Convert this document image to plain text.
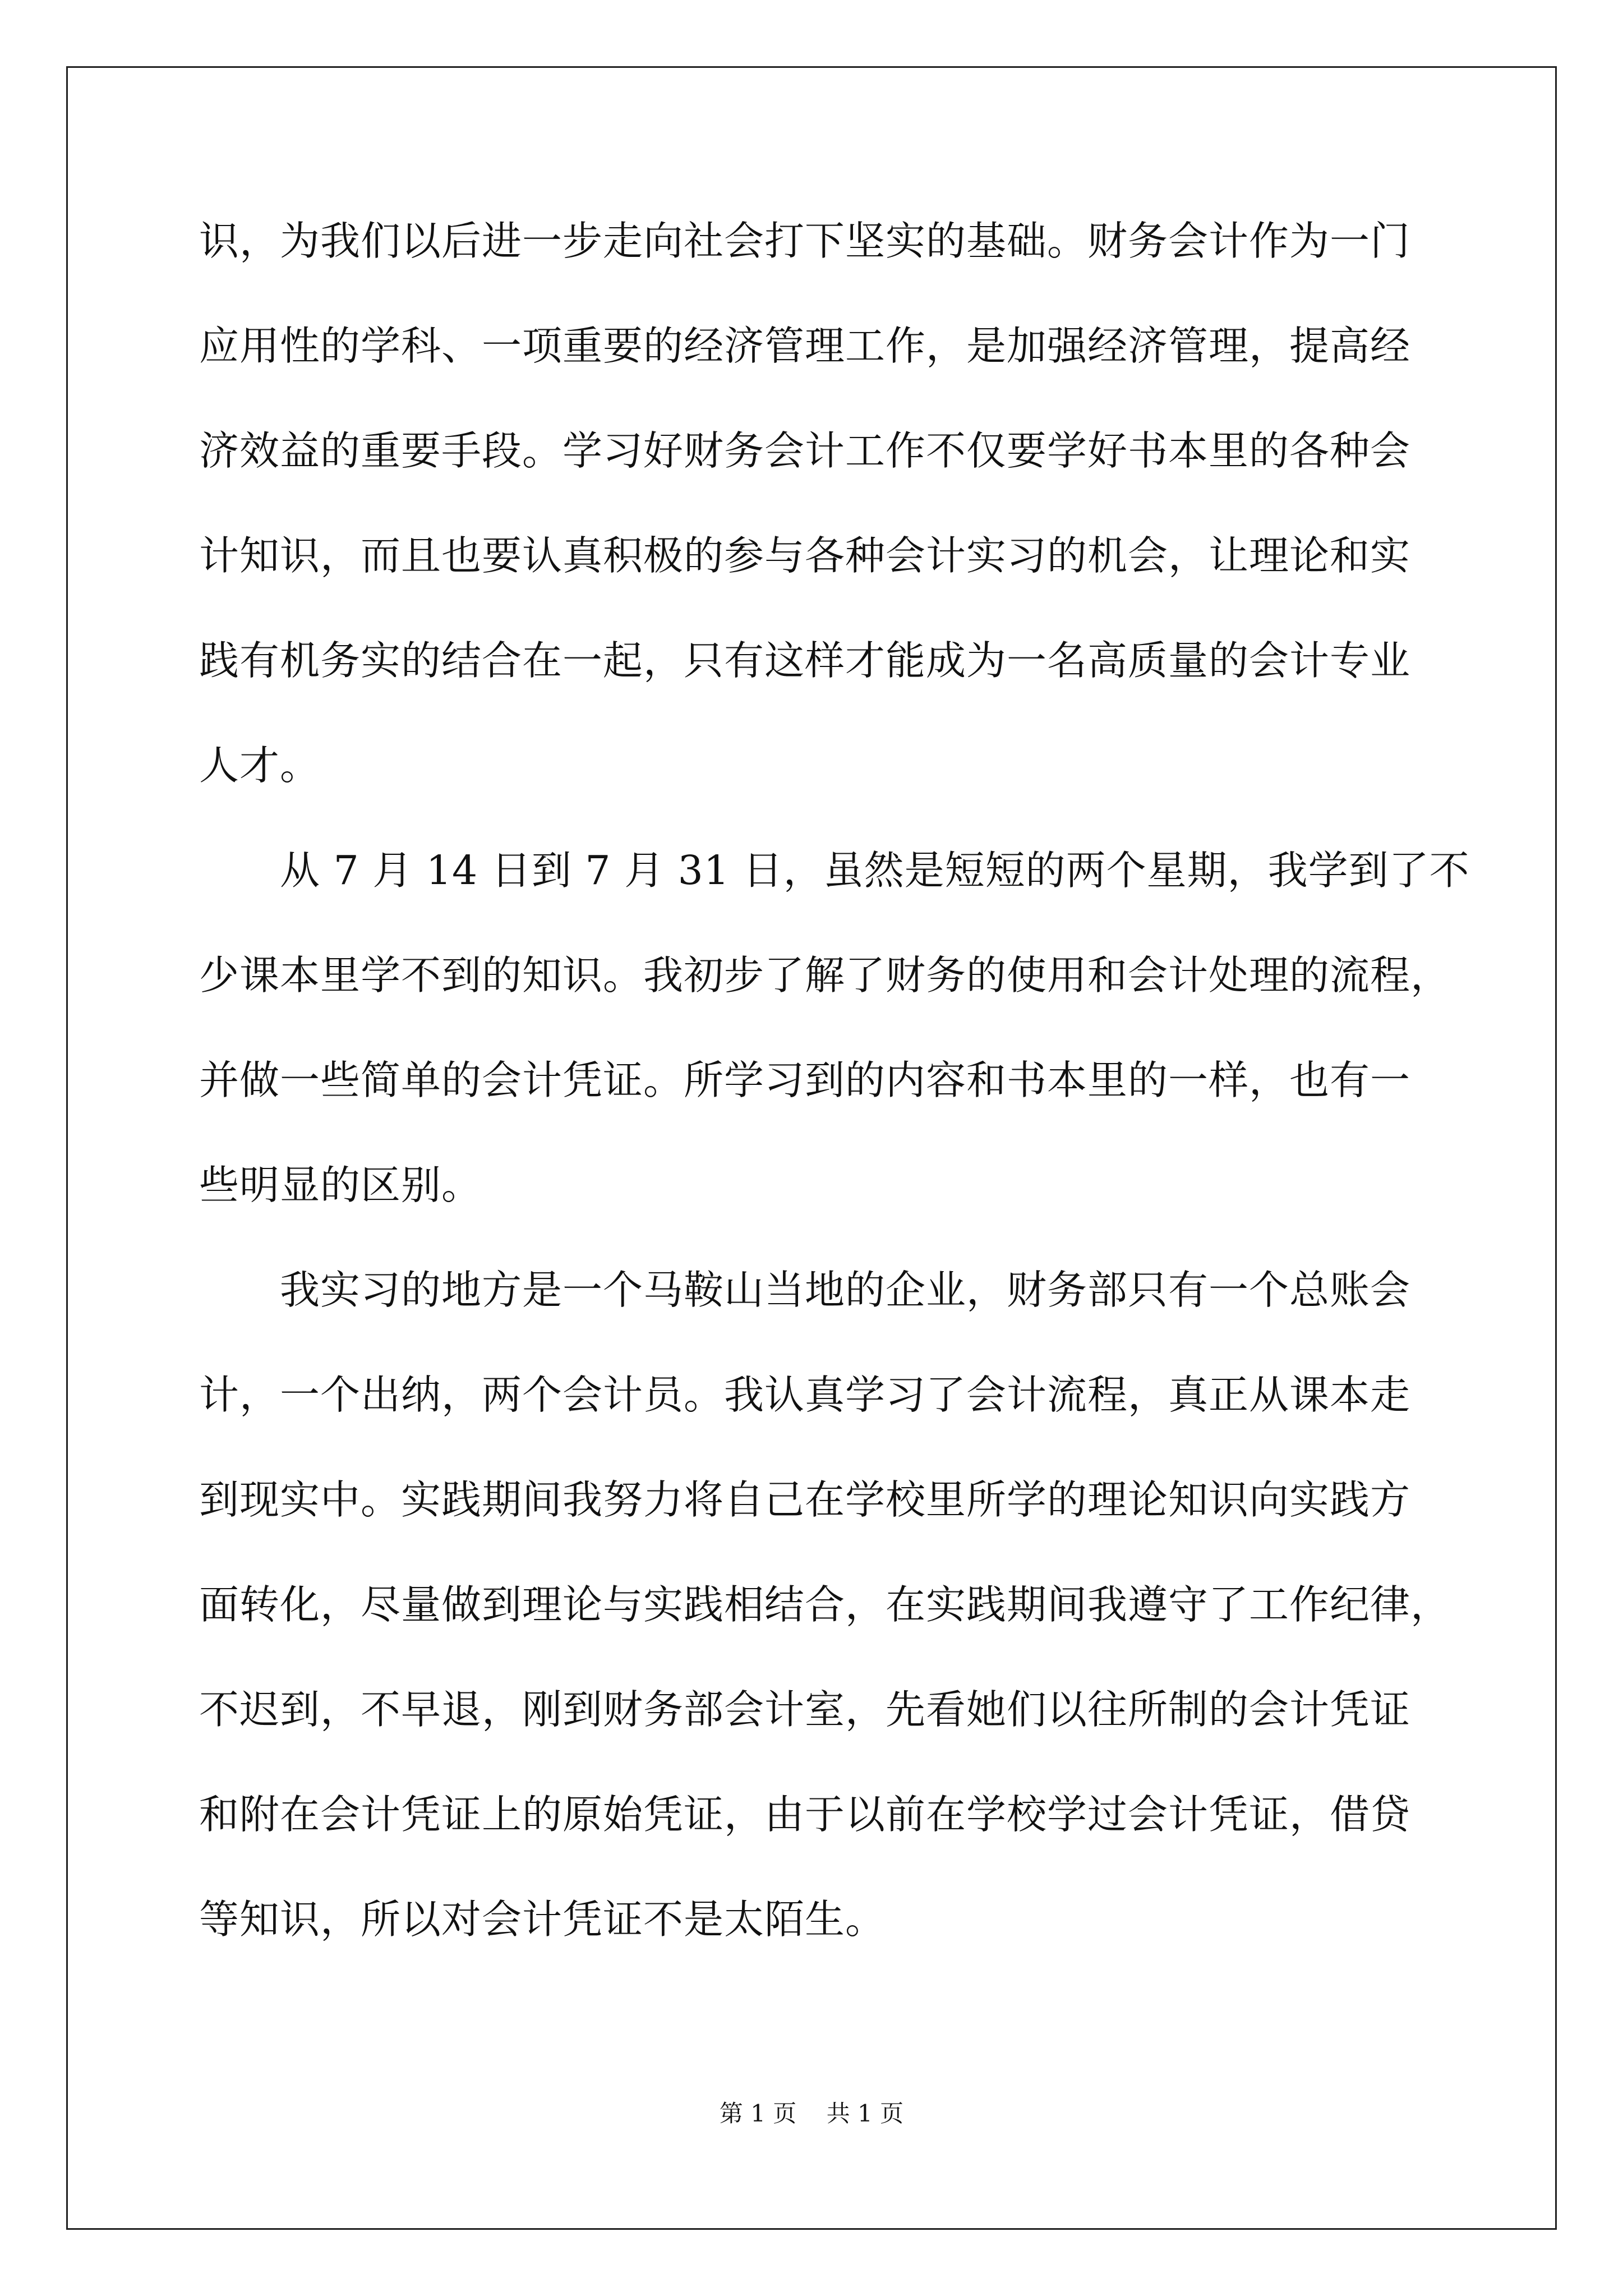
识，为我们以后进一步走向社会打下坚实的基础。财务会计作为一门
应用性的学科、一项重要的经济管理工作，是加强经济管理，提高经
济效益的重要手段。学习好财务会计工作不仅要学好书本里的各种会
计知识，而且也要认真积极的参与各种会计实习的机会，让理论和实
践有机务实的结合在一起，只有这样才能成为一名高质量的会计专业
人才。
　　从 7 月 14 日到 7 月 31 日，虽然是短短的两个星期，我学到了不
少课本里学不到的知识。我初步了解了财务的使用和会计处理的流程，
并做一些简单的会计凭证。所学习到的内容和书本里的一样，也有一
些明显的区别。
　　我实习的地方是一个马鞍山当地的企业，财务部只有一个总账会
计，一个出纳，两个会计员。我认真学习了会计流程，真正从课本走
到现实中。实践期间我努力将自己在学校里所学的理论知识向实践方
面转化，尽量做到理论与实践相结合，在实践期间我遵守了工作纪律，
不迟到，不早退，刚到财务部会计室，先看她们以往所制的会计凭证
和附在会计凭证上的原始凭证，由于以前在学校学过会计凭证，借贷
等知识，所以对会计凭证不是太陌生。
第 1 页    共 1 页
